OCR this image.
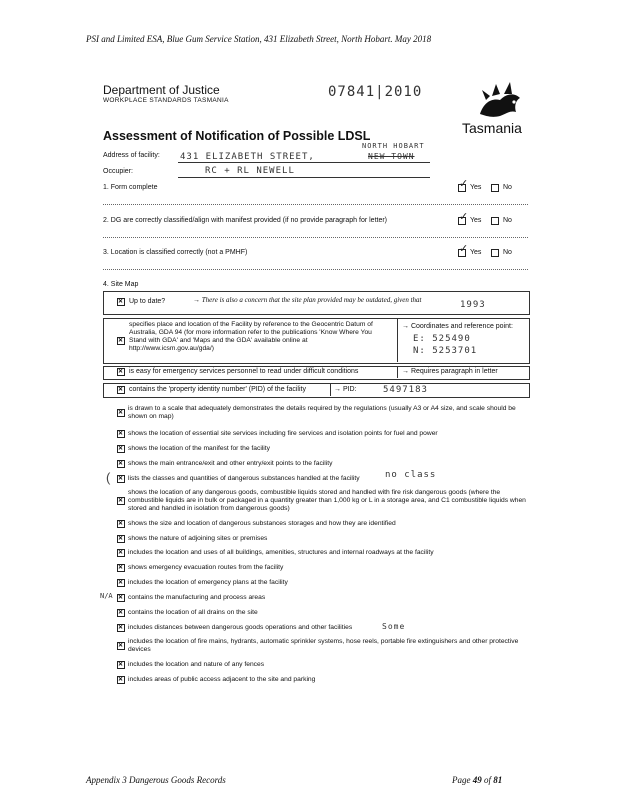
PSI and Limited ESA, Blue Gum Service Station, 431 Elizabeth Street, North Hobart. May 2018
Department of Justice
WORKPLACE STANDARDS TASMANIA
07841|2010
Tasmania
Assessment of Notification of Possible LDSL
Address of facility: 431 ELIZABETH STREET,
NORTH HOBART
NEW TOWN
Occupier:	RC + RL NEWELL
1. Form complete	✓ Yes	No
2. DG are correctly classified/align with manifest provided (if no provide paragraph for letter)	✓ Yes	No
3. Location is classified correctly (not a PMHF)	✓ Yes	No
4. Site Map
✕
Up to date?	→ There is also a concern that the site plan provided may be outdated, given that	1993
✕
specifies place and location of the Facility by reference to the Geocentric Datum of Australia, GDA 94 (for more information refer to the publications 'Know Where You Stand with GDA' and 'Maps and the GDA' available online at http://www.icsm.gov.au/gda/)
→ Coordinates and reference point:
E: 525490
N: 5253701
✕
is easy for emergency services personnel to read under difficult conditions	→ Requires paragraph in letter
✕
contains the 'property identity number' (PID) of the facility	→ PID:	5497183
✕
is drawn to a scale that adequately demonstrates the details required by the regulations (usually A3 or A4 size, and scale should be shown on map)
✕
shows the location of essential site services including fire services and isolation points for fuel and power
✕
shows the location of the manifest for the facility
✕
shows the main entrance/exit and other entry/exit points to the facility
( ✕	lists the classes and quantities of dangerous substances handled at the facility	no class
✕
shows the location of any dangerous goods, combustible liquids stored and handled with fire risk dangerous goods (where the combustible liquids are in bulk or packaged in a quantity greater than 1,000 kg or L in a storage area, and C1 combustible liquids when stored and handled in isolation from dangerous goods)
✕
shows the size and location of dangerous substances storages and how they are identified
✕
shows the nature of adjoining sites or premises
✕
includes the location and uses of all buildings, amenities, structures and internal roadways at the facility
✕
shows emergency evacuation routes from the facility
✕
includes the location of emergency plans at the facility
N/A ✕ contains the manufacturing and process areas
✕
contains the location of all drains on the site
✕
includes distances between dangerous goods operations and other facilities	Some
✕
includes the location of fire mains, hydrants, automatic sprinkler systems, hose reels, portable fire extinguishers and other protective devices
✕
includes the location and nature of any fences
✕
includes areas of public access adjacent to the site and parking
Appendix 3 Dangerous Goods Records	Page 49 of 81
